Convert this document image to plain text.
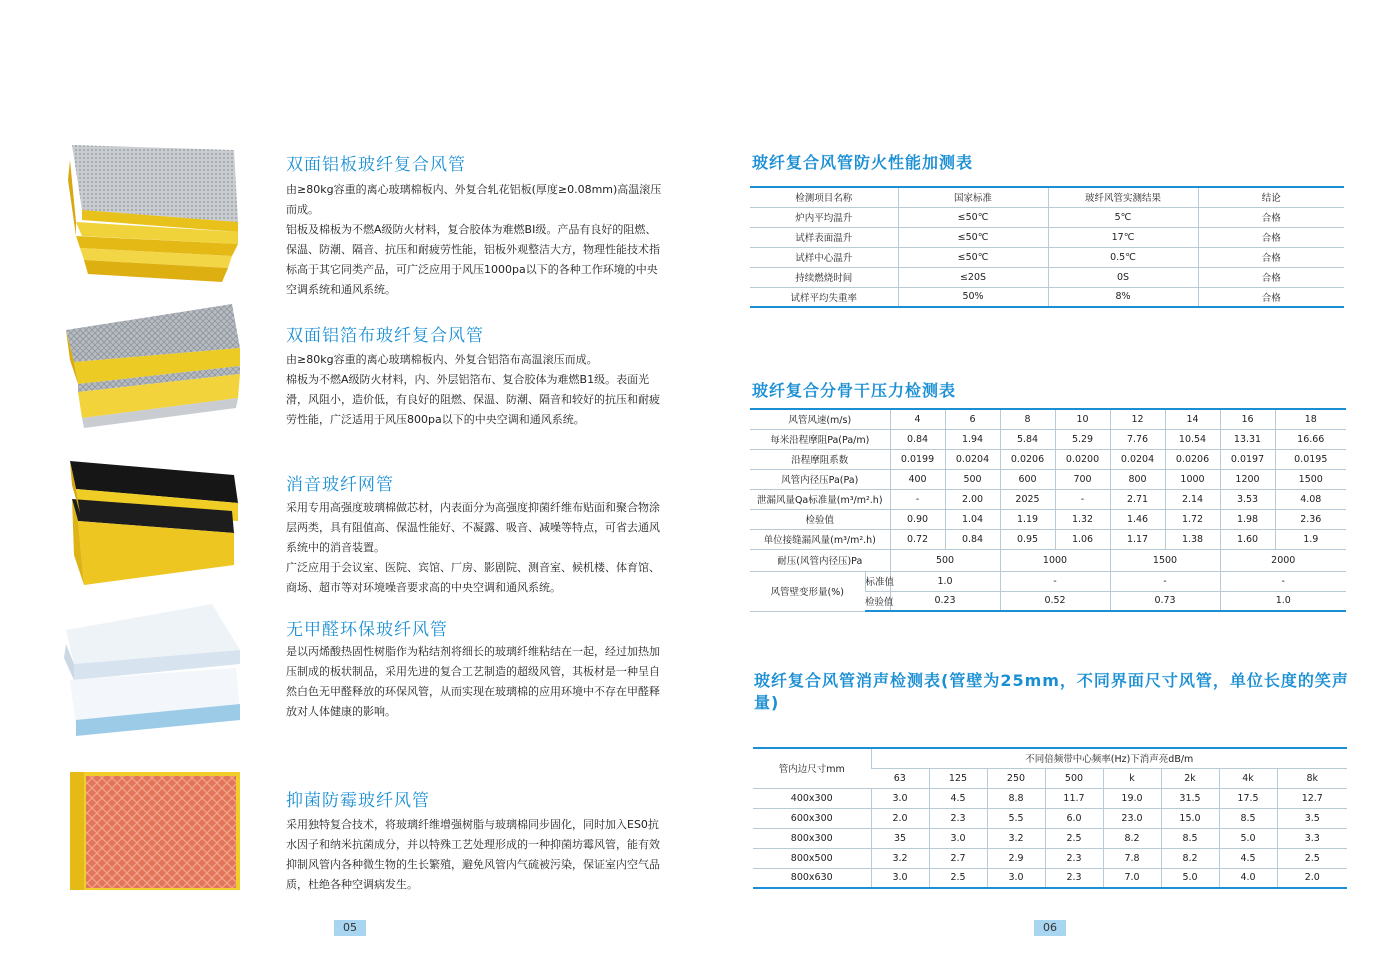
双面铝板玻纤复合风管

由≥80kg容重的离心玻璃棉板内、外复合轧花铝板(厚度≥0.08mm)高温滚压而成。

铝板及棉板为不燃A级防火材料，复合胶体为难燃BI级。产品有良好的阻燃、保温、防潮、隔音、抗压和耐疲劳性能，铝板外观整洁大方，物理性能技术指标高于其它同类产品，可广泛应用于风压1000pa以下的各种工作环境的中央空调系统和通风系统。

双面铝箔布玻纤复合风管

由≥80kg容重的离心玻璃棉板内、外复合铝箔布高温滚压而成。

棉板为不燃A级防火材料，内、外层铝箔布、复合胶体为难燃B1级。表面光滑，风阻小，造价低，有良好的阻燃、保温、防潮、隔音和较好的抗压和耐疲劳性能，广泛适用于风压800pa以下的中央空调和通风系统。

消音玻纤网管

采用专用高强度玻璃棉做芯材，内表面分为高强度抑菌纤维布贴面和聚合物涂层两类，具有阻值高、保温性能好、不凝露、吸音、减噪等特点，可省去通风系统中的消音装置。

广泛应用于会议室、医院、宾馆、厂房、影剧院、测音室、候机楼、体育馆、商场、超市等对环境噪音要求高的中央空调和通风系统。

无甲醛环保玻纤风管

是以丙烯酸热固性树脂作为粘结剂将细长的玻璃纤维粘结在一起，经过加热加压制成的板状制品，采用先进的复合工艺制造的超级风管，其板材是一种呈自然白色无甲醛释放的环保风管，从而实现在玻璃棉的应用环境中不存在甲醛释放对人体健康的影响。

抑菌防霉玻纤风管

采用独特复合技术，将玻璃纤维增强树脂与玻璃棉同步固化，同时加入ES0抗水因子和纳米抗菌成分，并以特殊工艺处理形成的一种抑菌坊霉风管，能有效抑制风管内各种微生物的生长繁殖，避免风管内气硫被污染，保证室内空气品质，杜绝各种空调病发生。

05
玻纤复合风管防火性能加测表
检测项目名称	国家标准	玻纤风管实测结果	结论
炉内平均温升	≤50℃	5℃	合格
试样表面温升	≤50℃	17℃	合格
试样中心温升	≤50℃	0.5℃	合格
持续燃烧时间	≤20S	0S	合格
试样平均失重率	50%	8%	合格
玻纤复合分骨干压力检测表
风管风速(m/s)		4	6	8	10	12	14	16	18
每米沿程摩阻Pa(Pa/m)		0.84	1.94	5.84	5.29	7.76	10.54	13.31	16.66
沿程摩阻系数		0.0199	0.0204	0.0206	0.0200	0.0204	0.0206	0.0197	0.0195
风管内径压Pa(Pa)		400	500	600	700	800	1000	1200	1500
泄漏风量Qa标准量(m³/m².h)		-	2.00	2025	-	2.71	2.14	3.53	4.08
检验值		0.90	1.04	1.19	1.32	1.46	1.72	1.98	2.36
单位接缝漏风量(m³/m².h)		0.72	0.84	0.95	1.06	1.17	1.38	1.60	1.9
耐压(风管内径压)Pa		500		1000		1500		2000	
风管壁变形量(%)	标准值	1.0		-		-		-	
	检验值	0.23		0.52		0.73		1.0	
玻纤复合风管消声检测表(管壁为25mm，不同界面尺寸风管，单位长度的笑声量)
管内边尺寸mm	不同倍频带中心频率(Hz)下消声亮dB/m							
	63	125	250	500	k	2k	4k	8k
400x300	3.0	4.5	8.8	11.7	19.0	31.5	17.5	12.7
600x300	2.0	2.3	5.5	6.0	23.0	15.0	8.5	3.5
800x300	35	3.0	3.2	2.5	8.2	8.5	5.0	3.3
800x500	3.2	2.7	2.9	2.3	7.8	8.2	4.5	2.5
800x630	3.0	2.5	3.0	2.3	7.0	5.0	4.0	2.0
06
